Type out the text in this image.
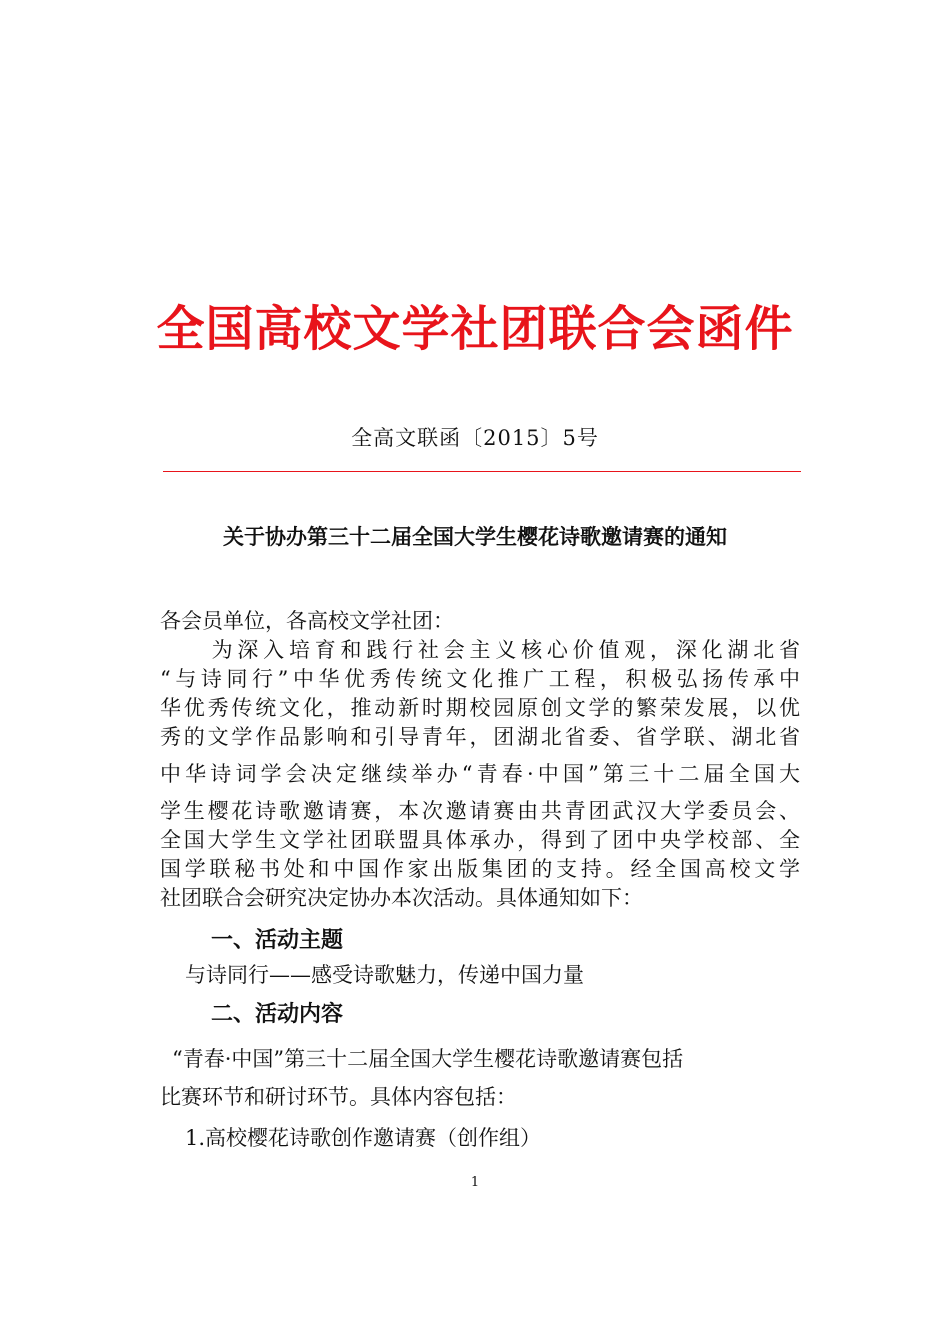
全国高校文学社团联合会函件
全高文联函〔2015〕5号
关于协办第三十二届全国大学生樱花诗歌邀请赛的通知
各会员单位，各高校文学社团：
　　为深入培育和践行社会主义核心价值观，深化湖北省
“与诗同行”中华优秀传统文化推广工程，积极弘扬传承中
华优秀传统文化，推动新时期校园原创文学的繁荣发展，以优
秀的文学作品影响和引导青年，团湖北省委、省学联、湖北省
中华诗词学会决定继续举办“青春·中国”第三十二届全国大
学生樱花诗歌邀请赛，本次邀请赛由共青团武汉大学委员会、
全国大学生文学社团联盟具体承办，得到了团中央学校部、全
国学联秘书处和中国作家出版集团的支持。经全国高校文学
社团联合会研究决定协办本次活动。具体通知如下：
一、活动主题
与诗同行——感受诗歌魅力，传递中国力量
二、活动内容
“青春·中国”第三十二届全国大学生樱花诗歌邀请赛包括
比赛环节和研讨环节。具体内容包括：
1.高校樱花诗歌创作邀请赛（创作组）
1
